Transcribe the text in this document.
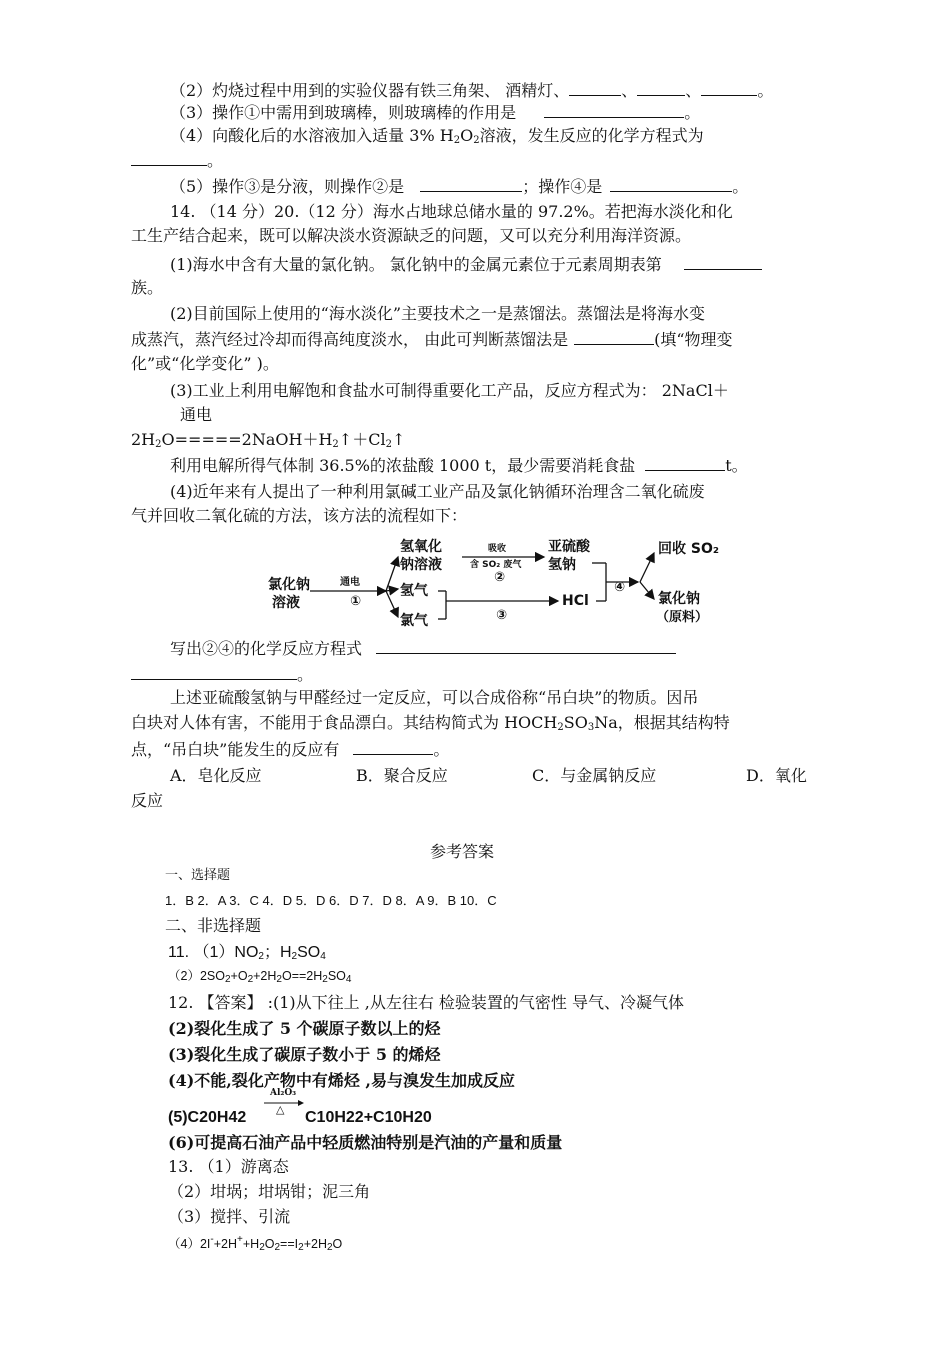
（2）灼烧过程中用到的实验仪器有铁三角架、 酒精灯、	、	、	。
（3）操作①中需用到玻璃棒，则玻璃棒的作用是	。
（4）向酸化后的水溶液加入适量 3% $H_2O_2$溶液，发生反应的化学方程式为
。
（5）操作③是分液，则操作②是	；操作④是	。
14. （14 分）20.（12 分）海水占地球总储水量的 97.2%。若把海水淡化和化
工生产结合起来，既可以解决淡水资源缺乏的问题，又可以充分利用海洋资源。
(1)海水中含有大量的氯化钠。 氯化钠中的金属元素位于元素周期表第
族。
(2)目前国际上使用的“海水淡化”主要技术之一是蒸馏法。蒸馏法是将海水变
成蒸汽，蒸汽经过冷却而得高纯度淡水， 由此可判断蒸馏法是	(填“物理变
化”或“化学变化” )。
(3)工业上利用电解饱和食盐水可制得重要化工产品，反应方程式为： 2NaCl＋
通电
$2H_2O=====2NaOH+H_2↑+Cl_2↑$
利用电解所得气体制 36.5%的浓盐酸 1000 t，最少需要消耗食盐	t。
(4)近年来有人提出了一种利用氯碱工业产品及氯化钠循环治理含二氧化硫废
气并回收二氧化硫的方法，该方法的流程如下：
氯化钠
溶液
通电
①
氢氧化
钠溶液
氢气
氯气
吸收
含 SO₂ 废气
②
亚硫酸
氢钠
③
HCl
④
回收 SO₂
氯化钠
（原料）
写出②④的化学反应方程式
。
上述亚硫酸氢钠与甲醛经过一定反应，可以合成俗称“吊白块”的物质。因吊
白块对人体有害，不能用于食品漂白。其结构简式为 $HOCH_2SO_3Na$，根据其结构特
点，“吊白块”能发生的反应有	。
A．皂化反应	B．聚合反应	C．与金属钠反应	D．氧化
反应
参考答案
一、选择题
1．B 2．A 3．C 4．D 5．D 6．D 7．D 8．A 9．B 10．C
二、非选择题
11. $(1)NO_2$；$H_2SO_4$
$(2)2SO_2+O_2+2H_2O==2H_2SO_4$
12. 【答案】 :(1)从下往上 ,从左往右 检验装置的气密性 导气、冷凝气体
(2)裂化生成了 5 个碳原子数以上的烃
(3)裂化生成了碳原子数小于 5 的烯烃
(4)不能,裂化产物中有烯烃 ,易与溴发生加成反应
(5)C20H42
Al₂O₃
△ C10H22+C10H20
(6)可提高石油产品中轻质燃油特别是汽油的产量和质量
13. （1）游离态
（2）坩埚；坩埚钳；泥三角
（3）搅拌、引流
$(4)2I^-+2H^++H_2O_2==I_2+2H_2O$
